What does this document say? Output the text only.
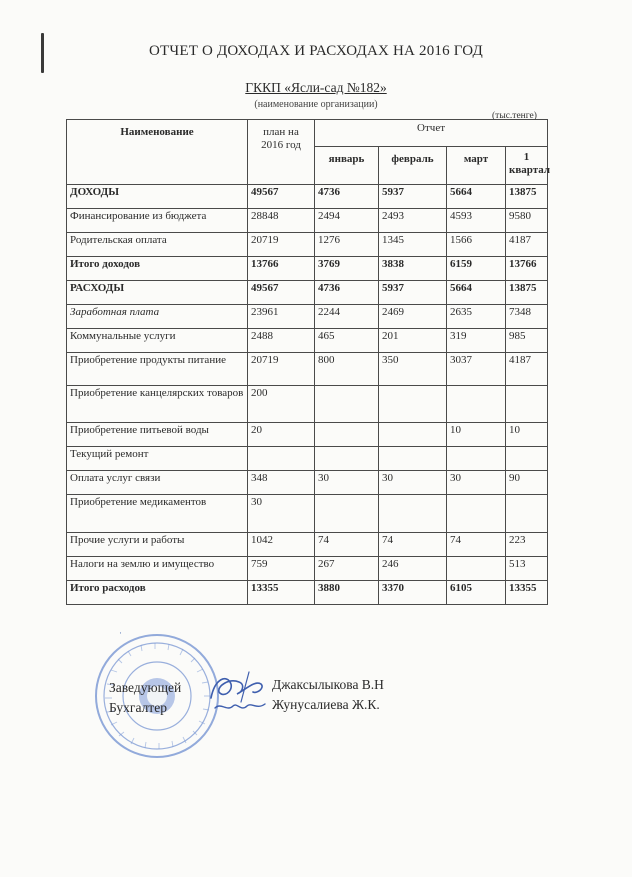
ОТЧЕТ О ДОХОДАХ И РАСХОДАХ НА 2016 ГОД
ГККП «Ясли-сад №182»
(наименование организации)
(тыс.тенге)
Наименование	план на 2016 год	Отчет			
		январь	февраль	март	1 квартал
ДОХОДЫ	49567	4736	5937	5664	13875
Финансирование из бюджета	28848	2494	2493	4593	9580
Родительская оплата	20719	1276	1345	1566	4187
Итого доходов	13766	3769	3838	6159	13766
РАСХОДЫ	49567	4736	5937	5664	13875
Заработная плата	23961	2244	2469	2635	7348
Коммунальные услуги	2488	465	201	319	985
Приобретение продукты питание	20719	800	350	3037	4187
Приобретение канцелярских товаров	200				
Приобретение питьевой воды	20			10	10
Текущий ремонт					
Оплата услуг связи	348	30	30	30	90
Приобретение медикаментов	30				
Прочие услуги и работы	1042	74	74	74	223
Налоги на землю и имущество	759	267	246		513
Итого расходов	13355	3880	3370	6105	13355
·
Заведующей
Бухгалтер
Джаксылыкова В.Н
Жунусалиева Ж.К.
